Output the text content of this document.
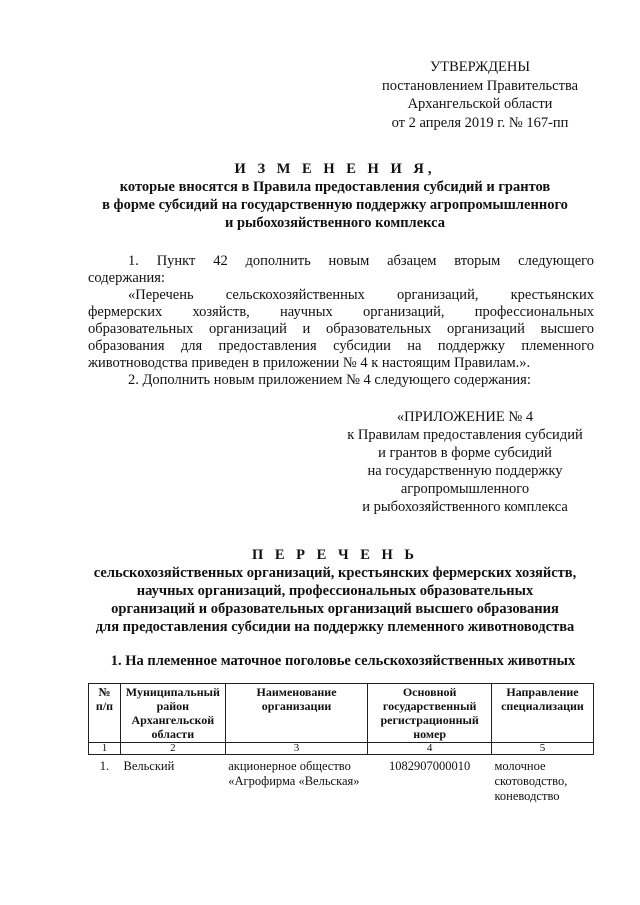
УТВЕРЖДЕНЫ
постановлением Правительства
Архангельской области
от 2 апреля 2019 г. № 167-пп
И З М Е Н Е Н И Я,
которые вносятся в Правила предоставления субсидий и грантов
в форме субсидий на государственную поддержку агропромышленного
и рыбохозяйственного комплекса

1. Пункт 42 дополнить новым абзацем вторым следующего

содержания:

«Перечень сельскохозяйственных организаций, крестьянских

фермерских хозяйств, научных организаций, профессиональных

образовательных организаций и образовательных организаций высшего

образования для предоставления субсидии на поддержку племенного

животноводства приведен в приложении № 4 к настоящим Правилам.».

2. Дополнить новым приложением № 4 следующего содержания:

«ПРИЛОЖЕНИЕ № 4
к Правилам предоставления субсидий
и грантов в форме субсидий
на государственную поддержку
агропромышленного
и рыбохозяйственного комплекса
П Е Р Е Ч Е Н Ь
сельскохозяйственных организаций, крестьянских фермерских хозяйств,
научных организаций, профессиональных образовательных
организаций и образовательных организаций высшего образования
для предоставления субсидии на поддержку племенного животноводства
1. На племенное маточное поголовье сельскохозяйственных животных
№ п/п	Муниципальный район Архангельской области	Наименование организации	Основной государственный регистрационный номер	Направление специализации
1	2	3	4	5
1.	Вельский	акционерное общество «Агрофирма «Вельская»	1082907000010	молочное скотоводство, коневодство
